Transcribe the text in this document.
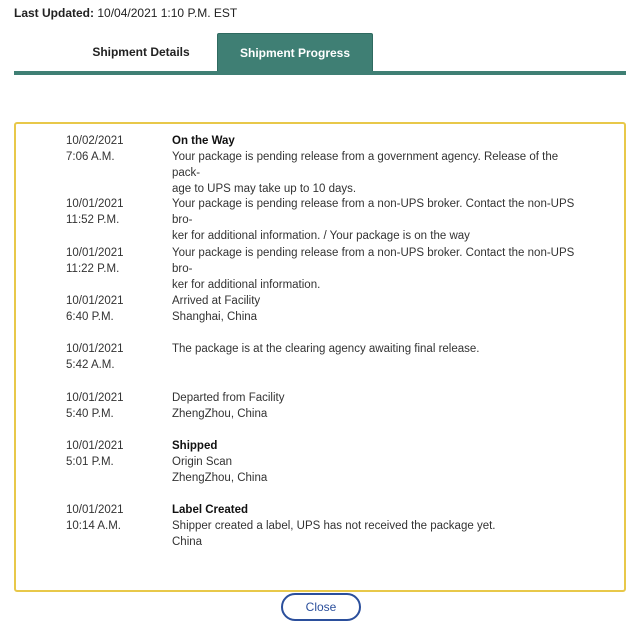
Last Updated: 10/04/2021 1:10 P.M. EST
Shipment Details	Shipment Progress
10/02/2021
7:06 A.M.
On the Way
Your package is pending release from a government agency. Release of the pack-
age to UPS may take up to 10 days.
10/01/2021
11:52 P.M.
Your package is pending release from a non-UPS broker. Contact the non-UPS bro-
ker for additional information. / Your package is on the way
10/01/2021
11:22 P.M.
Your package is pending release from a non-UPS broker. Contact the non-UPS bro-
ker for additional information.
10/01/2021
6:40 P.M.
Arrived at Facility
Shanghai, China
10/01/2021
5:42 A.M.
The package is at the clearing agency awaiting final release.
10/01/2021
5:40 P.M.
Departed from Facility
ZhengZhou, China
10/01/2021
5:01 P.M.
Shipped
Origin Scan
ZhengZhou, China
10/01/2021
10:14 A.M.
Label Created
Shipper created a label, UPS has not received the package yet.
China
Close
